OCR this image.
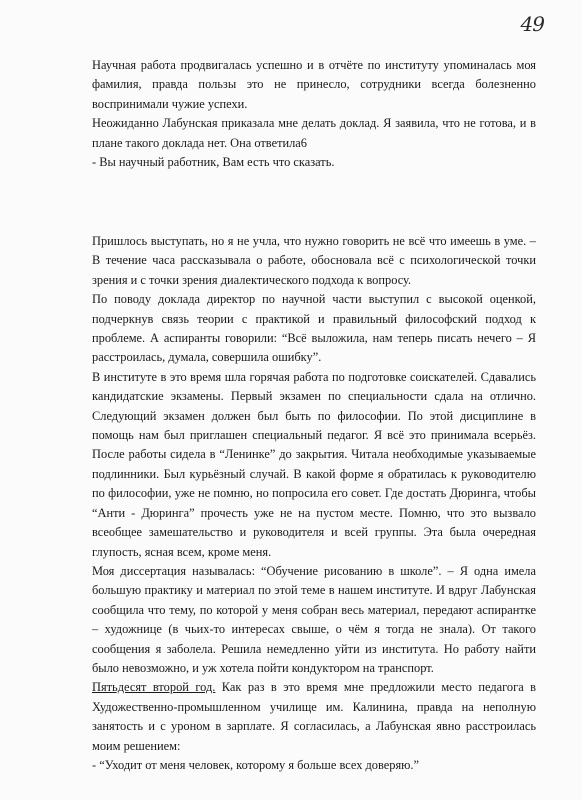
49

Научная работа продвигалась успешно и в отчёте по институту упоминалась моя фамилия, правда пользы это не принесло, сотрудники всегда болезненно воспринимали чужие успехи.

Неожиданно Лабунская приказала мне делать доклад. Я заявила, что не готова, и в плане такого доклада нет. Она ответила6

- Вы научный работник, Вам есть что сказать.

Пришлось выступать, но я не учла, что нужно говорить не всё что имеешь в уме. – В течение часа рассказывала о работе, обосновала всё с психологической точки зрения и с точки зрения диалектического подхода к вопросу.

По поводу доклада директор по научной части выступил с высокой оценкой, подчеркнув связь теории с практикой и правильный философский подход к проблеме. А аспиранты говорили: “Всё выложила, нам теперь писать нечего – Я расстроилась, думала, совершила ошибку”.

В институте в это время шла горячая работа по подготовке соискателей. Сдавались кандидатские экзамены. Первый экзамен по специальности сдала на отлично. Следующий экзамен должен был быть по философии. По этой дисциплине в помощь нам был приглашен специальный педагог. Я всё это принимала всерьёз. После работы сидела в “Ленинке” до закрытия. Читала необходимые указываемые подлинники. Был курьёзный случай. В какой форме я обратилась к руководителю по философии, уже не помню, но попросила его совет. Где достать Дюринга, чтобы “Анти - Дюринга” прочесть уже не на пустом месте. Помню, что это вызвало всеобщее замешательство и руководителя и всей группы. Эта была очередная глупость, ясная всем, кроме меня.

Моя диссертация называлась: “Обучение рисованию в школе”. – Я одна имела большую практику и материал по этой теме в нашем институте. И вдруг Лабунская сообщила что тему, по которой у меня собран весь материал, передают аспирантке – художнице (в чьих-то интересах свыше, о чём я тогда не знала). От такого сообщения я заболела. Решила немедленно уйти из института. Но работу найти было невозможно, и уж хотела пойти кондуктором на транспорт.

Пятьдесят второй год. Как раз в это время мне предложили место педагога в Художественно-промышленном училище им. Калинина, правда на неполную занятость и с уроном в зарплате. Я согласилась, а Лабунская явно расстроилась моим решением:

- “Уходит от меня человек, которому я больше всех доверяю.”
